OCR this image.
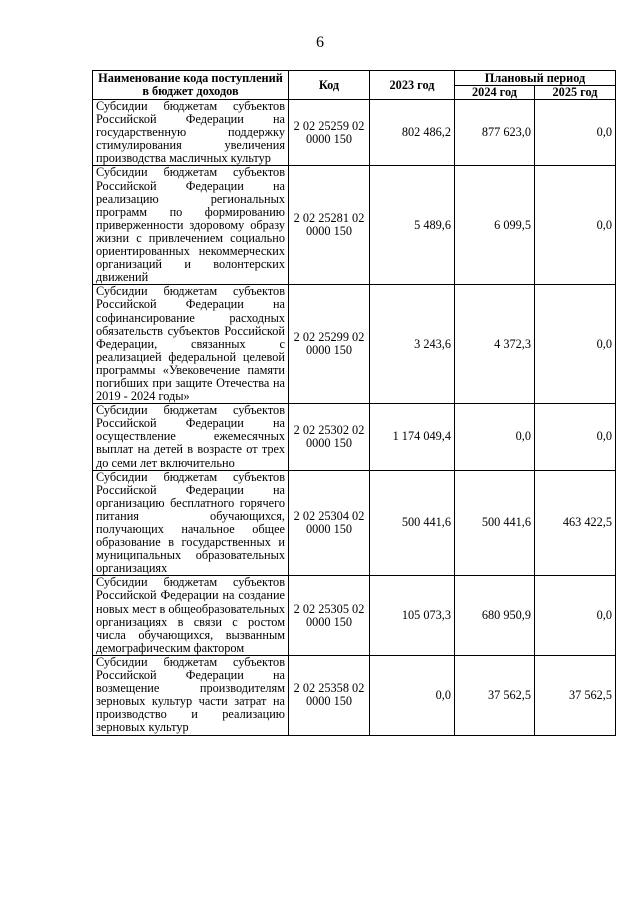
6
Наименование кода поступлений в бюджет доходов	Код	2023 год	Плановый период	
			2024 год	2025 год
Субсидии бюджетам субъектов Российской Федерации на государственную поддержку стимулирования увеличения производства масличных культур	2 02 25259 02 0000 150	802 486,2	877 623,0	0,0
Субсидии бюджетам субъектов Российской Федерации на реализацию региональных программ по формированию приверженности здоровому образу жизни с привлечением социально ориентированных некоммерческих организаций и волонтерских движений	2 02 25281 02 0000 150	5 489,6	6 099,5	0,0
Субсидии бюджетам субъектов Российской Федерации на софинансирование расходных обязательств субъектов Российской Федерации, связанных с реализацией федеральной целевой программы «Увековечение памяти погибших при защите Отечества на 2019 - 2024 годы»	2 02 25299 02 0000 150	3 243,6	4 372,3	0,0
Субсидии бюджетам субъектов Российской Федерации на осуществление ежемесячных выплат на детей в возрасте от трех до семи лет включительно	2 02 25302 02 0000 150	1 174 049,4	0,0	0,0
Субсидии бюджетам субъектов Российской Федерации на организацию бесплатного горячего питания обучающихся, получающих начальное общее образование в государственных и муниципальных образовательных организациях	2 02 25304 02 0000 150	500 441,6	500 441,6	463 422,5
Субсидии бюджетам субъектов Российской Федерации на создание новых мест в общеобразовательных организациях в связи с ростом числа обучающихся, вызванным демографическим фактором	2 02 25305 02 0000 150	105 073,3	680 950,9	0,0
Субсидии бюджетам субъектов Российской Федерации на возмещение производителям зерновых культур части затрат на производство и реализацию зерновых культур	2 02 25358 02 0000 150	0,0	37 562,5	37 562,5
